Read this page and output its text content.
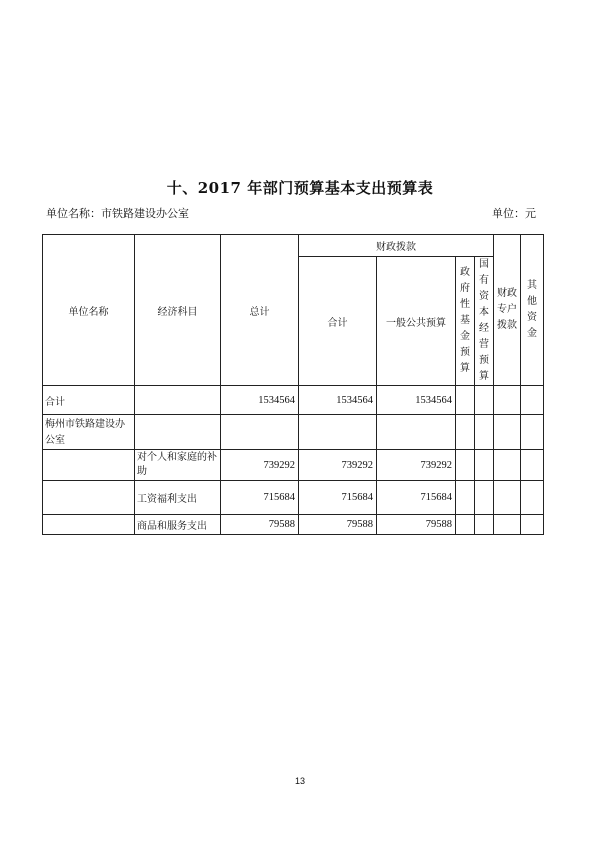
十、2017 年部门预算基本支出预算表
单位名称：市铁路建设办公室	单位：元
单位名称	经济科目	总计	财政拨款				财政专户拨款	其他资金
			合计	一般公共预算	政府性基金预算	国有资本经营预算		
合计		1534564	1534564	1534564				
梅州市铁路建设办公室								
	对个人和家庭的补助	739292	739292	739292				
	工资福利支出	715684	715684	715684				
	商品和服务支出	79588	79588	79588				
13
